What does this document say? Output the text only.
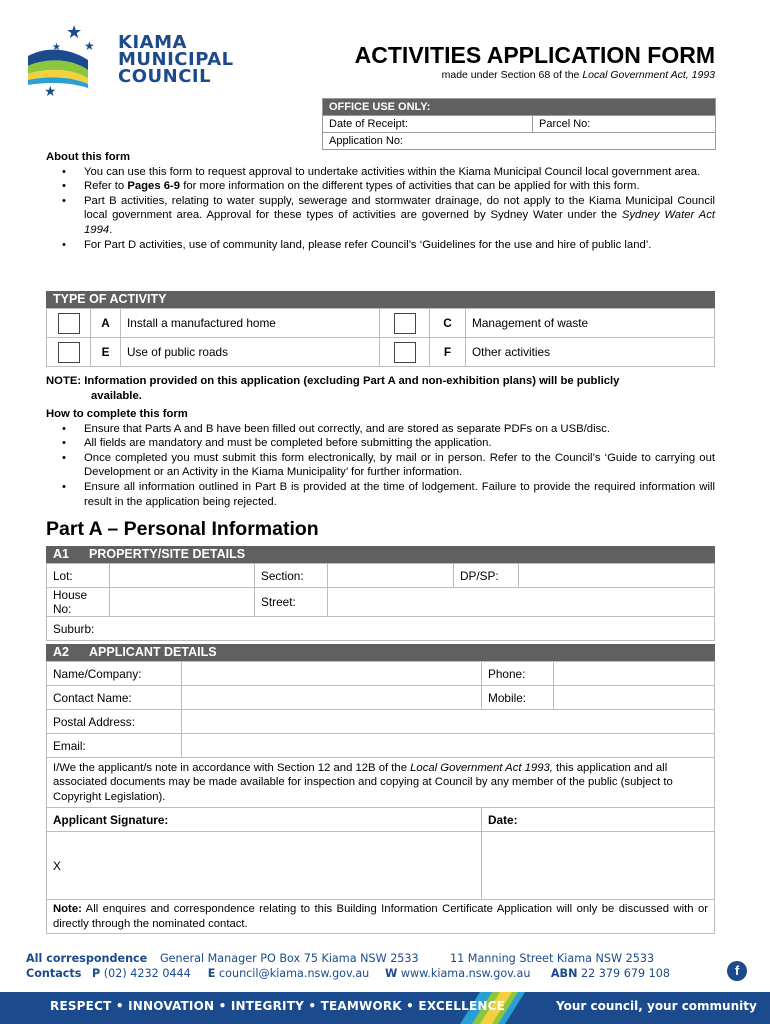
★
★
★
★
★
KIAMA
MUNICIPAL
COUNCIL
ACTIVITIES APPLICATION FORM
made under Section 68 of the Local Government Act, 1993
OFFICE USE ONLY:
Date of Receipt:	Parcel No:
Application No:
About this form
• You can use this form to request approval to undertake activities within the Kiama Municipal Council local government area.
• Refer to Pages 6-9 for more information on the different types of activities that can be applied for with this form.
• Part B activities, relating to water supply, sewerage and stormwater drainage, do not apply to the Kiama Municipal Council local government area. Approval for these types of activities are governed by Sydney Water under the Sydney Water Act 1994.
• For Part D activities, use of community land, please refer Council’s ‘Guidelines for the use and hire of public land’.
TYPE OF ACTIVITY
	A	Install a manufactured home		C	Management of waste
	E	Use of public roads		F	Other activities
NOTE: Information provided on this application (excluding Part A and non-exhibition plans) will be publicly
available.
How to complete this form
• Ensure that Parts A and B have been filled out correctly, and are stored as separate PDFs on a USB/disc.
• All fields are mandatory and must be completed before submitting the application.
• Once completed you must submit this form electronically, by mail or in person. Refer to the Council’s ‘Guide to carrying out Development or an Activity in the Kiama Municipality’ for further information.
• Ensure all information outlined in Part B is provided at the time of lodgement. Failure to provide the required information will result in the application being rejected.
Part A – Personal Information
A1 PROPERTY/SITE DETAILS
Lot:		Section:		DP/SP:	
House No:		Street:			
Suburb:					
A2 APPLICANT DETAILS
Name/Company:		Phone:	
Contact Name:		Mobile:	
Postal Address:			
Email:			
I/We the applicant/s note in accordance with Section 12 and 12B of the Local Government Act 1993, this application and all associated documents may be made available for inspection and copying at Council by any member of the public (subject to Copyright Legislation).			
Applicant Signature:		Date:	
X			
Note: All enquires and correspondence relating to this Building Information Certificate Application will only be discussed with or directly through the nominated contact.			
All correspondence General Manager PO Box 75 Kiama NSW 2533	11 Manning Street Kiama NSW 2533
Contacts P (02) 4232 0444 E council@kiama.nsw.gov.au W www.kiama.nsw.gov.au ABN 22 379 679 108	f
RESPECT • INNOVATION • INTEGRITY • TEAMWORK • EXCELLENCE	Your council, your community
